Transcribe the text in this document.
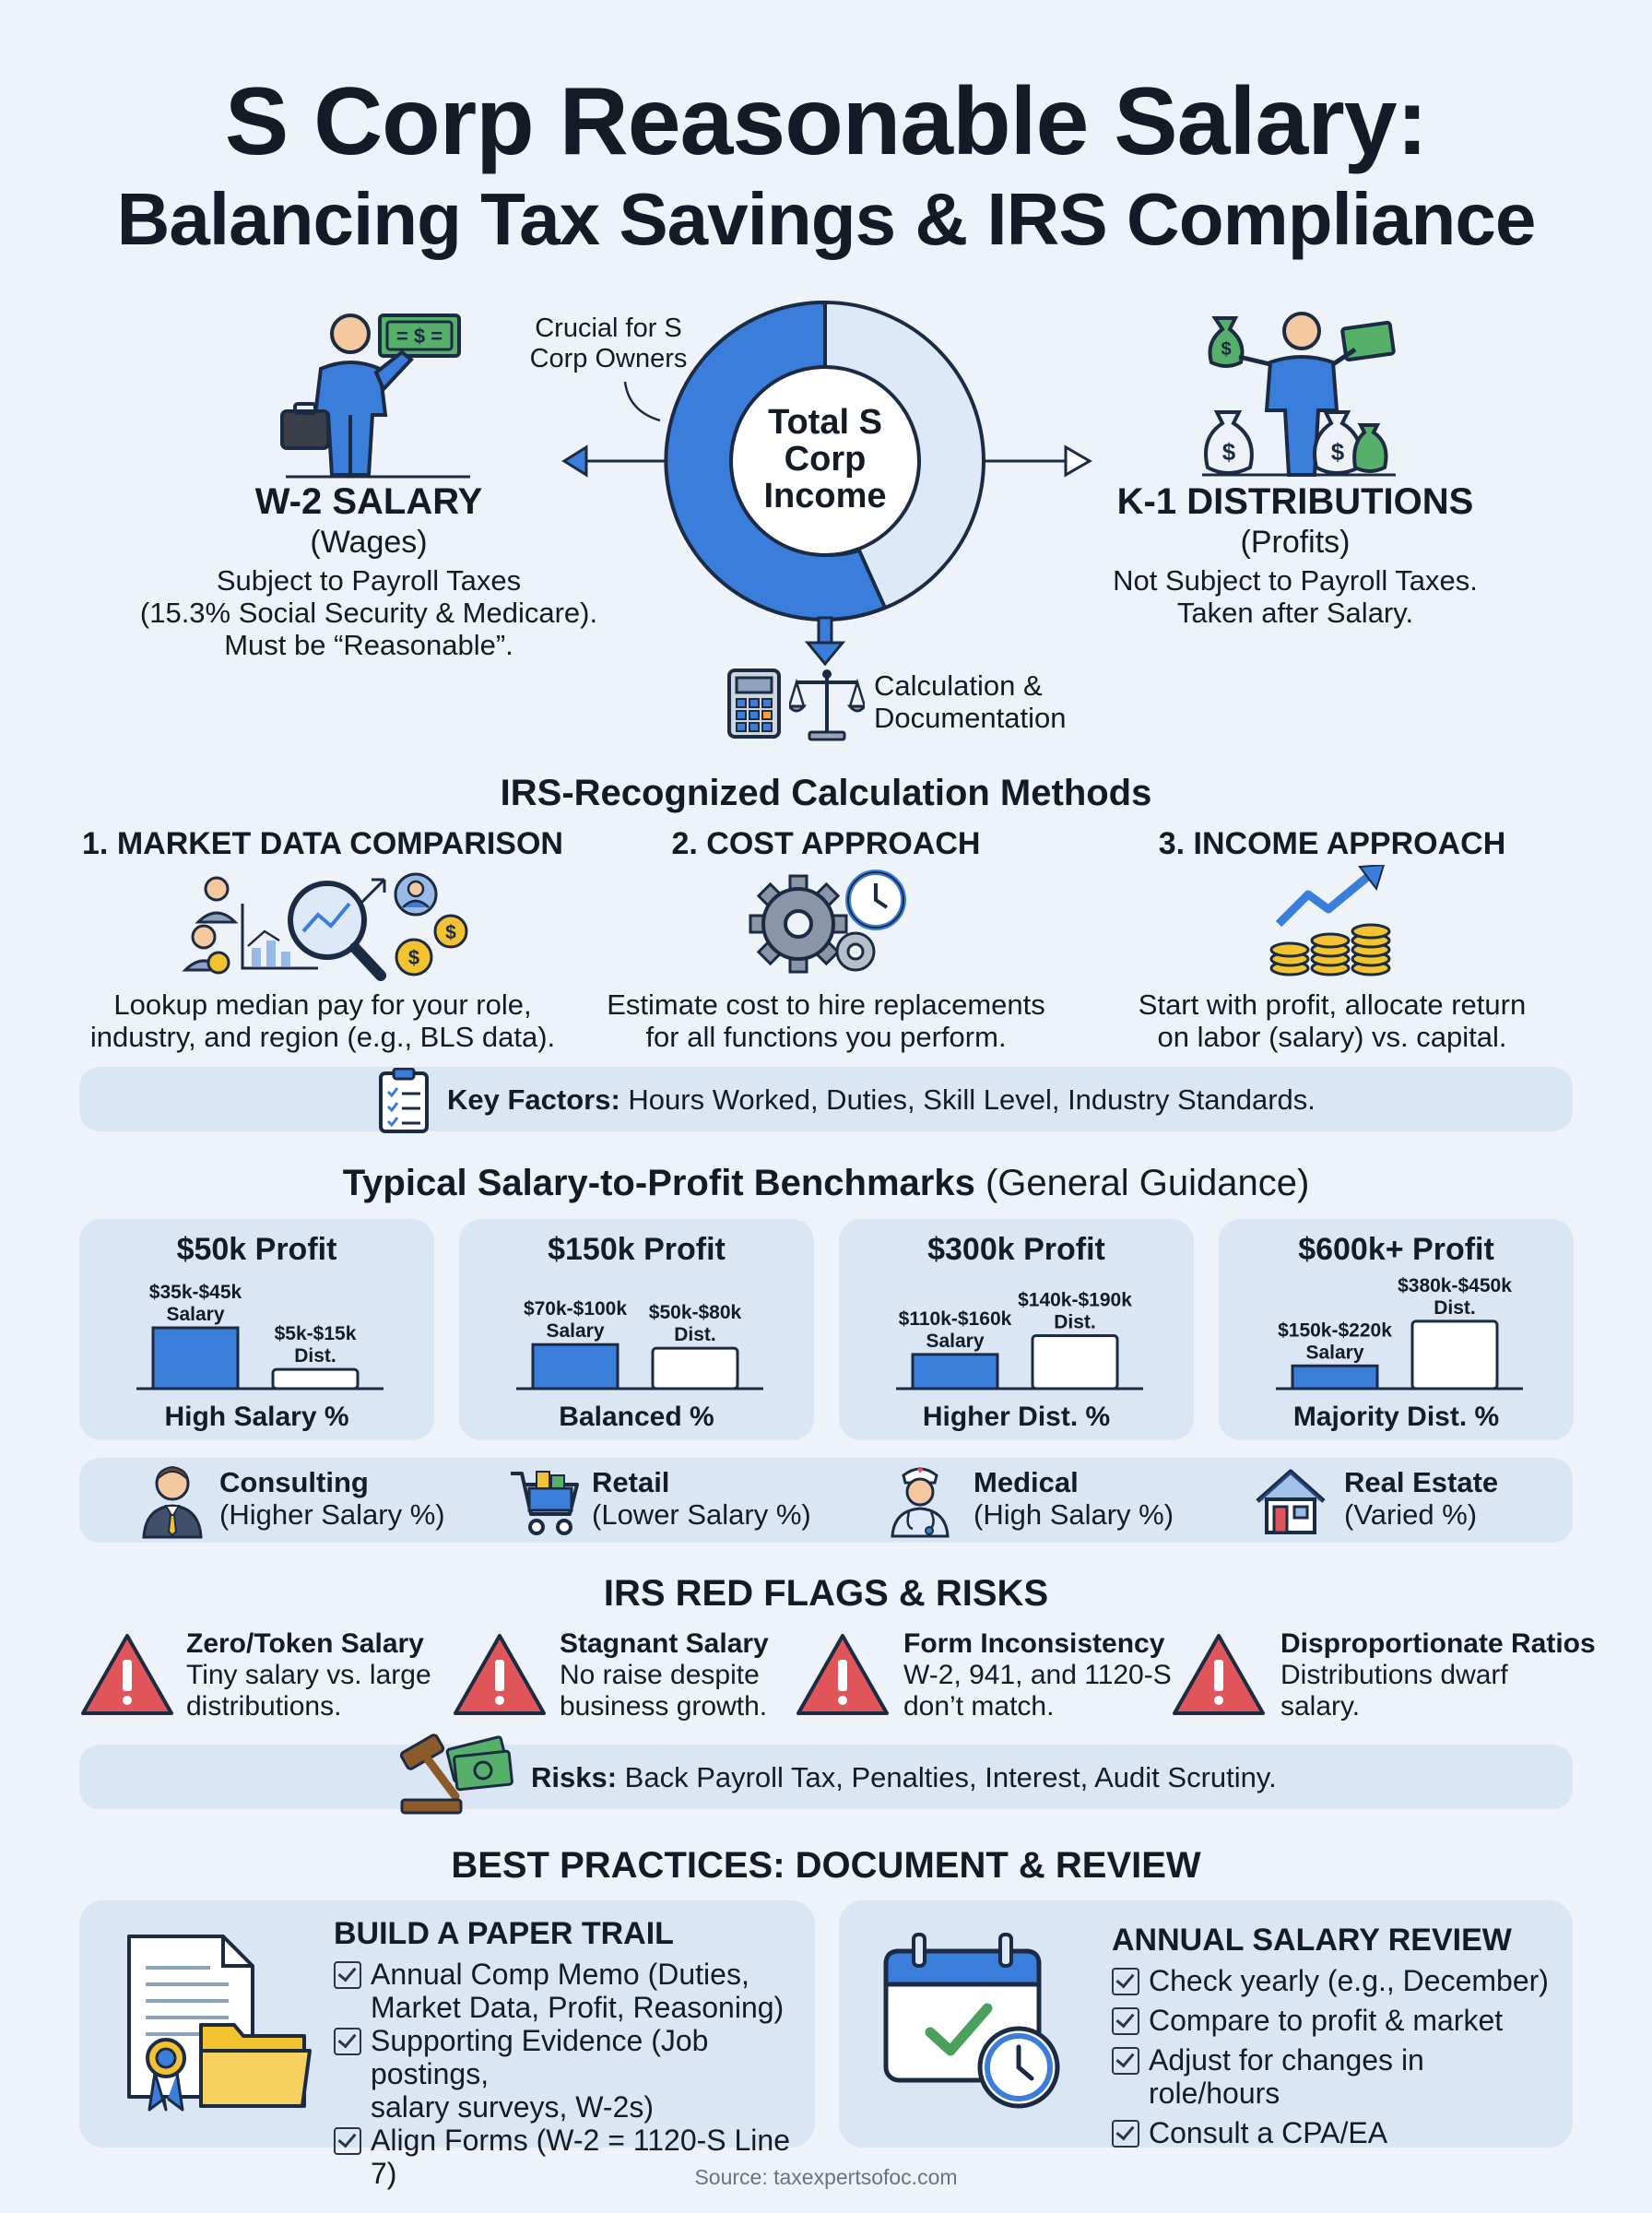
S Corp Reasonable Salary:
Balancing Tax Savings & IRS Compliance
= $ =
W-2 SALARY
(Wages)
Subject to Payroll Taxes
(15.3% Social Security & Medicare).
Must be “Reasonable”.
Crucial for S Corp Owners
Total S Corp Income
$
$	$
K-1 DISTRIBUTIONS
(Profits)
Not Subject to Payroll Taxes.
Taken after Salary.
Calculation &
Documentation
IRS-Recognized Calculation Methods
1. MARKET DATA COMPARISON	2. COST APPROACH	3. INCOME APPROACH
$
$
Lookup median pay for your role,
industry, and region (e.g., BLS data).
Estimate cost to hire replacements
for all functions you perform.
Start with profit, allocate return
on labor (salary) vs. capital.
Key Factors: Hours Worked, Duties, Skill Level, Industry Standards.
Typical Salary-to-Profit Benchmarks (General Guidance)
$50k Profit
$35k-$45k
Salary
$5k-$15k
Dist.
High Salary %
$150k Profit
$70k-$100k
Salary
$50k-$80k
Dist.
Balanced %
$300k Profit
$110k-$160k
Salary
$140k-$190k
Dist.
Higher Dist. %
$600k+ Profit
$150k-$220k
Salary
$380k-$450k
Dist.
Majority Dist. %
Consulting
(Higher Salary %)
Retail
(Lower Salary %)
Medical
(High Salary %)
Real Estate
(Varied %)
IRS RED FLAGS & RISKS
Zero/Token Salary
Tiny salary vs. large
distributions.
Stagnant Salary
No raise despite
business growth.
Form Inconsistency
W-2, 941, and 1120-S
don’t match.
Disproportionate Ratios
Distributions dwarf
salary.
Risks: Back Payroll Tax, Penalties, Interest, Audit Scrutiny.
BEST PRACTICES: DOCUMENT & REVIEW
BUILD A PAPER TRAIL
Annual Comp Memo (Duties,
Market Data, Profit, Reasoning)
Supporting Evidence (Job postings,
salary surveys, W-2s)
Align Forms (W-2 = 1120-S Line 7)
ANNUAL SALARY REVIEW
Check yearly (e.g., December)
Compare to profit & market
Adjust for changes in role/hours
Consult a CPA/EA
Source: taxexpertsofoc.com
